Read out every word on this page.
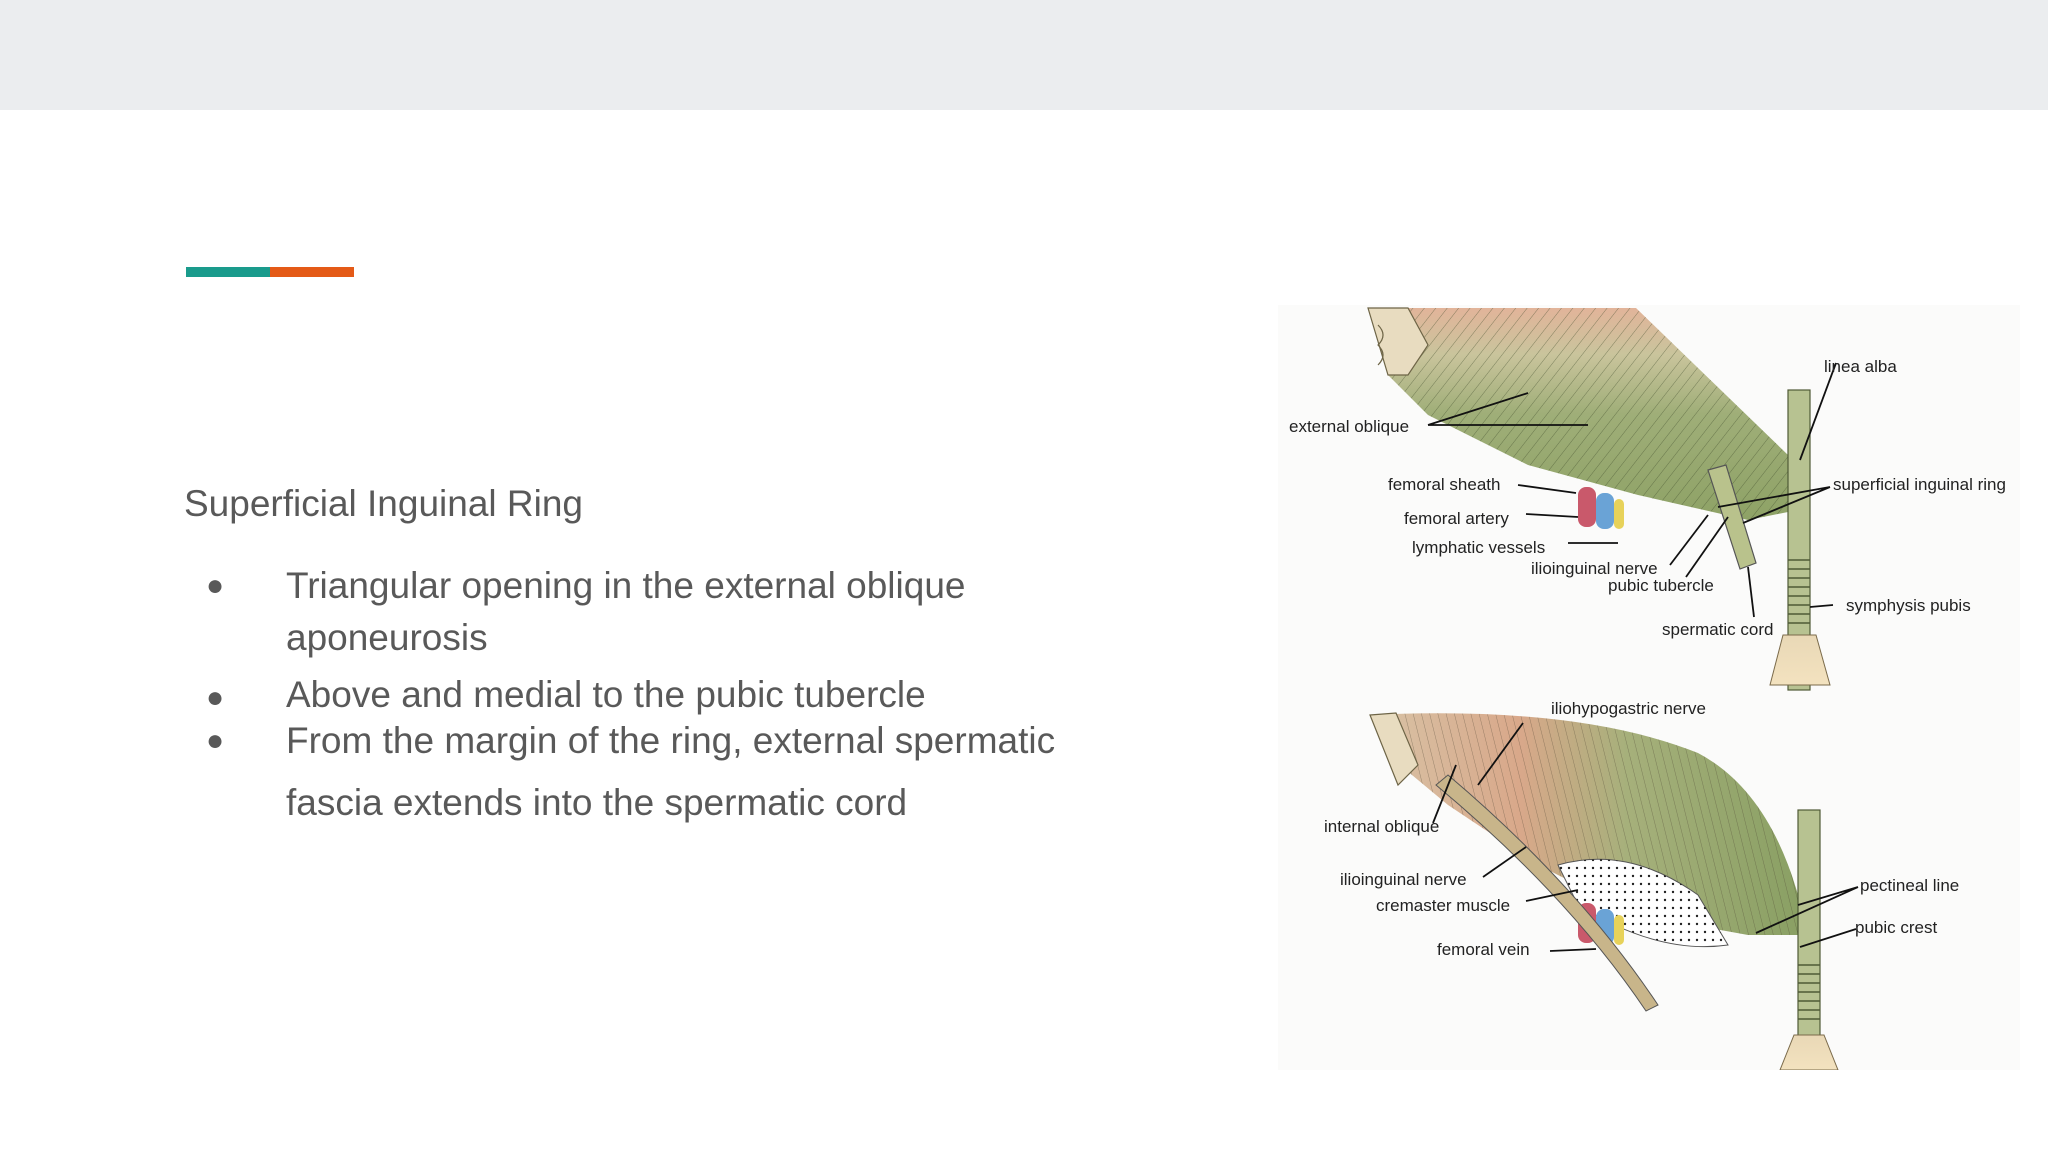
Superficial Inguinal Ring
● Triangular opening in the external oblique aponeurosis
● Above and medial to the pubic tubercle
● From the margin of the ring, external spermatic fascia extends into the spermatic cord
linea alba
external oblique
femoral sheath	superficial inguinal ring
femoral artery
lymphatic vessels
ilioinguinal nerve
pubic tubercle
symphysis pubis
spermatic cord
iliohypogastric nerve
internal oblique
ilioinguinal nerve	pectineal line
cremaster muscle
pubic crest
femoral vein
